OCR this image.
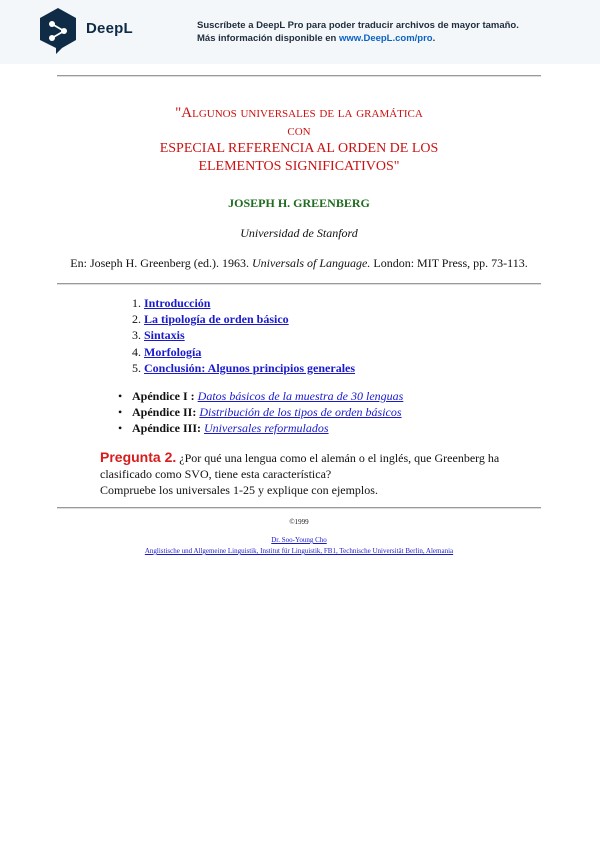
DeepL	Suscríbete a DeepL Pro para poder traducir archivos de mayor tamaño.
Más información disponible en www.DeepL.com/pro.
"Algunos universales de la gramática
con
ESPECIAL REFERENCIA AL ORDEN DE LOS
ELEMENTOS SIGNIFICATIVOS"
JOSEPH H. GREENBERG
Universidad de Stanford
En: Joseph H. Greenberg (ed.). 1963. Universals of Language. London: MIT Press, pp. 73-113.
1. Introducción
2. La tipología de orden básico
3. Sintaxis
4. Morfología
5. Conclusión: Algunos principios generales
• Apéndice I : Datos básicos de la muestra de 30 lenguas
• Apéndice II: Distribución de los tipos de orden básicos
• Apéndice III: Universales reformulados
Pregunta 2. ¿Por qué una lengua como el alemán o el inglés, que Greenberg ha clasificado como SVO, tiene esta característica?
Compruebe los universales 1-25 y explique con ejemplos.
©1999
Dr. Soo-Young Cho
Anglistische und Allgemeine Linguistik, Institut für Linguistik, FB1, Technische Universität Berlin, Alemania
